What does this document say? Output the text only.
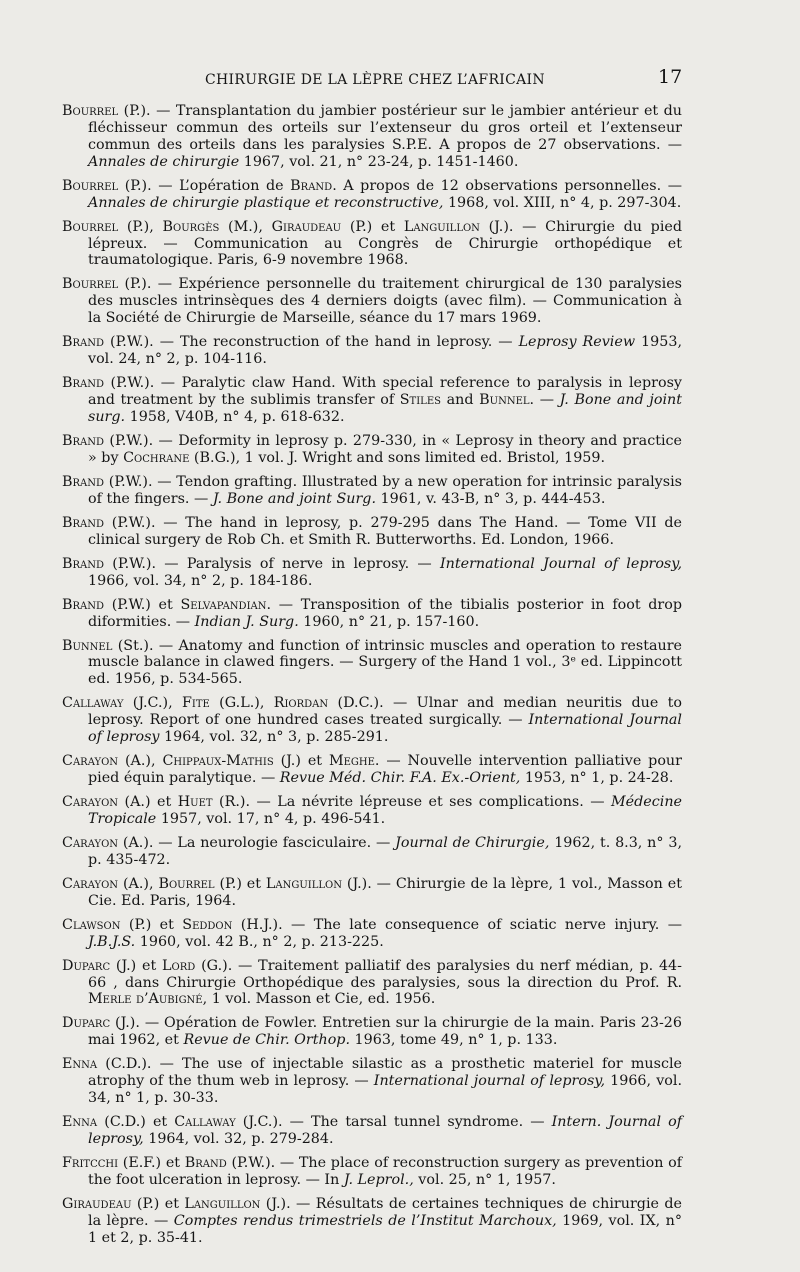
CHIRURGIE DE LA LÈPRE CHEZ L’AFRICAIN	17

Bourrel (P.). — Transplantation du jambier postérieur sur le jambier antérieur et du fléchisseur commun des orteils sur l’extenseur du gros orteil et l’extenseur commun des orteils dans les paralysies S.P.E. A propos de 27 observations. — Annales de chirurgie 1967, vol. 21, n° 23-24, p. 1451-1460.

Bourrel (P.). — L’opération de Brand. A propos de 12 observations personnelles. — Annales de chirurgie plastique et reconstructive, 1968, vol. XIII, n° 4, p. 297-304.

Bourrel (P.), Bourgès (M.), Giraudeau (P.) et Languillon (J.). — Chirurgie du pied lépreux. — Communication au Congrès de Chirurgie orthopédique et traumatologique. Paris, 6-9 novembre 1968.

Bourrel (P.). — Expérience personnelle du traitement chirurgical de 130 paralysies des muscles intrinsèques des 4 derniers doigts (avec film). — Communication à la Société de Chirurgie de Marseille, séance du 17 mars 1969.

Brand (P.W.). — The reconstruction of the hand in leprosy. — Leprosy Review 1953, vol. 24, n° 2, p. 104-116.

Brand (P.W.). — Paralytic claw Hand. With special reference to paralysis in leprosy and treatment by the sublimis transfer of Stiles and Bunnel. — J. Bone and joint surg. 1958, V40B, n° 4, p. 618-632.

Brand (P.W.). — Deformity in leprosy p. 279-330, in « Leprosy in theory and practice » by Cochrane (B.G.), 1 vol. J. Wright and sons limited ed. Bristol, 1959.

Brand (P.W.). — Tendon grafting. Illustrated by a new operation for intrinsic paralysis of the fingers. — J. Bone and joint Surg. 1961, v. 43-B, n° 3, p. 444-453.

Brand (P.W.). — The hand in leprosy, p. 279-295 dans The Hand. — Tome VII de clinical surgery de Rob Ch. et Smith R. Butterworths. Ed. London, 1966.

Brand (P.W.). — Paralysis of nerve in leprosy. — International Journal of leprosy, 1966, vol. 34, n° 2, p. 184-186.

Brand (P.W.) et Selvapandian. — Transposition of the tibialis posterior in foot drop diformities. — Indian J. Surg. 1960, n° 21, p. 157-160.

Bunnel (St.). — Anatomy and function of intrinsic muscles and operation to restaure muscle balance in clawed fingers. — Surgery of the Hand 1 vol., 3ᵉ ed. Lippincott ed. 1956, p. 534-565.

Callaway (J.C.), Fite (G.L.), Riordan (D.C.). — Ulnar and median neuritis due to leprosy. Report of one hundred cases treated surgically. — International Journal of leprosy 1964, vol. 32, n° 3, p. 285-291.

Carayon (A.), Chippaux-Mathis (J.) et Meghe. — Nouvelle intervention palliative pour pied équin paralytique. — Revue Méd. Chir. F.A. Ex.-Orient, 1953, n° 1, p. 24-28.

Carayon (A.) et Huet (R.). — La névrite lépreuse et ses complications. — Médecine Tropicale 1957, vol. 17, n° 4, p. 496-541.

Carayon (A.). — La neurologie fasciculaire. — Journal de Chirurgie, 1962, t. 8.3, n° 3, p. 435-472.

Carayon (A.), Bourrel (P.) et Languillon (J.). — Chirurgie de la lèpre, 1 vol., Masson et Cie. Ed. Paris, 1964.

Clawson (P.) et Seddon (H.J.). — The late consequence of sciatic nerve injury. — J.B.J.S. 1960, vol. 42 B., n° 2, p. 213-225.

Duparc (J.) et Lord (G.). — Traitement palliatif des paralysies du nerf médian, p. 44-66 , dans Chirurgie Orthopédique des paralysies, sous la direction du Prof. R. Merle d’Aubigné, 1 vol. Masson et Cie, ed. 1956.

Duparc (J.). — Opération de Fowler. Entretien sur la chirurgie de la main. Paris 23-26 mai 1962, et Revue de Chir. Orthop. 1963, tome 49, n° 1, p. 133.

Enna (C.D.). — The use of injectable silastic as a prosthetic materiel for muscle atrophy of the thum web in leprosy. — International journal of leprosy, 1966, vol. 34, n° 1, p. 30-33.

Enna (C.D.) et Callaway (J.C.). — The tarsal tunnel syndrome. — Intern. Journal of leprosy, 1964, vol. 32, p. 279-284.

Fritcchi (E.F.) et Brand (P.W.). — The place of reconstruction surgery as prevention of the foot ulceration in leprosy. — In J. Leprol., vol. 25, n° 1, 1957.

Giraudeau (P.) et Languillon (J.). — Résultats de certaines techniques de chirurgie de la lèpre. — Comptes rendus trimestriels de l’Institut Marchoux, 1969, vol. IX, n° 1 et 2, p. 35-41.
